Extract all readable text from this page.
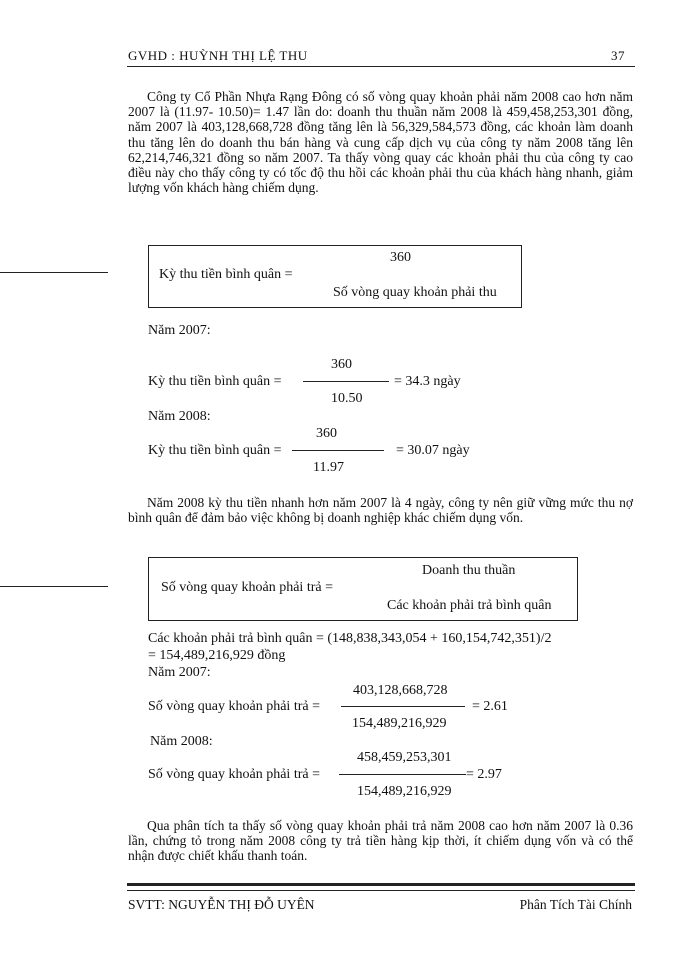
GVHD : HUỲNH THỊ LỆ THU	37
Công ty Cổ Phần Nhựa Rạng Đông có số vòng quay khoản phải năm 2008 cao hơn năm 2007 là (11.97- 10.50)= 1.47 lần do: doanh thu thuần năm 2008 là 459,458,253,301 đồng, năm 2007 là 403,128,668,728 đồng tăng lên là 56,329,584,573 đồng, các khoản làm doanh thu tăng lên do doanh thu bán hàng và cung cấp dịch vụ của công ty năm 2008 tăng lên 62,214,746,321 đồng so năm 2007. Ta thấy vòng quay các khoản phải thu của công ty cao điều này cho thấy công ty có tốc độ thu hồi các khoản phải thu của khách hàng nhanh, giảm lượng vốn khách hàng chiếm dụng.
Kỳ thu tiền bình quân =
360
Số vòng quay khoản phải thu
Năm 2007:
Kỳ thu tiền bình quân =
360
10.50
= 34.3 ngày
Năm 2008:
Kỳ thu tiền bình quân =
360
11.97
= 30.07 ngày
Năm 2008 kỳ thu tiền nhanh hơn năm 2007 là 4 ngày, công ty nên giữ vững mức thu nợ bình quân để đảm bảo việc không bị doanh nghiệp khác chiếm dụng vốn.
Số vòng quay khoản phải trả =
Doanh thu thuần
Các khoản phải trả bình quân
Các khoản phải trả bình quân = (148,838,343,054 + 160,154,742,351)/2
= 154,489,216,929 đồng
Năm 2007:
Số vòng quay khoản phải trả =
403,128,668,728
154,489,216,929
= 2.61
Năm 2008:
Số vòng quay khoản phải trả =
458,459,253,301
154,489,216,929
= 2.97
Qua phân tích ta thấy số vòng quay khoản phải trả năm 2008 cao hơn năm 2007 là 0.36 lần, chứng tỏ trong năm 2008 công ty trả tiền hàng kịp thời, ít chiếm dụng vốn và có thể nhận được chiết khấu thanh toán.
SVTT: NGUYỄN THỊ ĐỖ UYÊN	Phân Tích Tài Chính
